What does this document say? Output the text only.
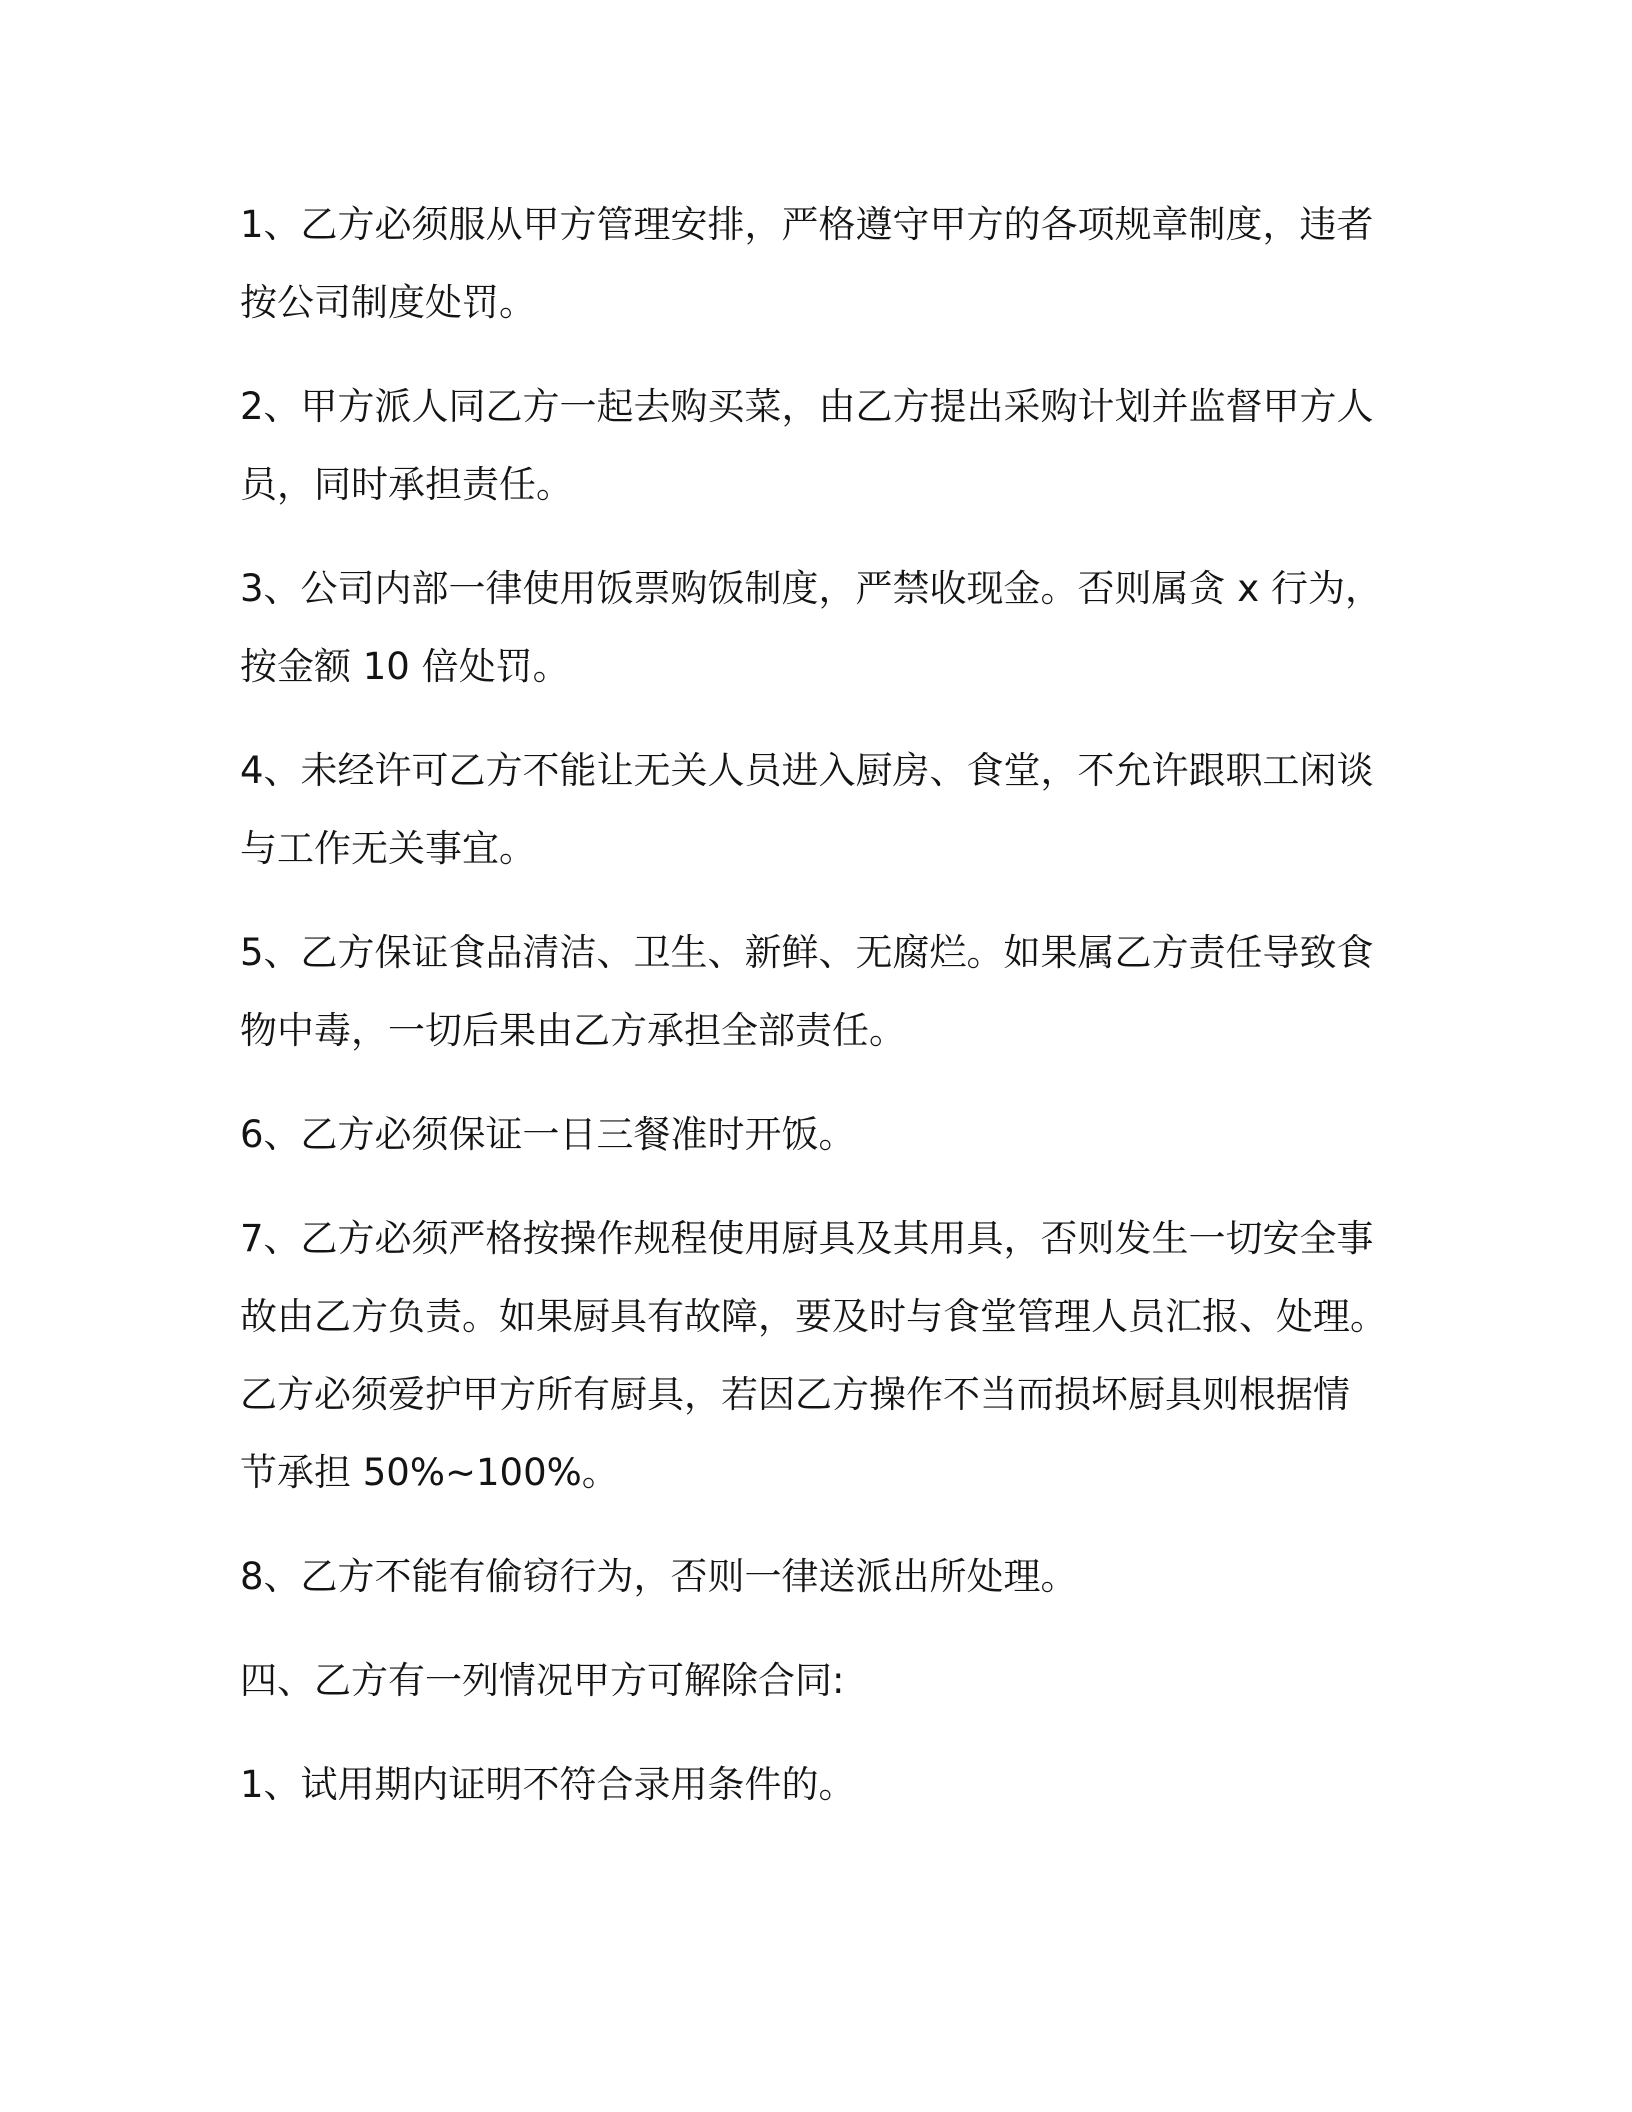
1、乙方必须服从甲方管理安排，严格遵守甲方的各项规章制度，违者
按公司制度处罚。

2、甲方派人同乙方一起去购买菜，由乙方提出采购计划并监督甲方人
员，同时承担责任。

3、公司内部一律使用饭票购饭制度，严禁收现金。否则属贪 x 行为，
按金额 10 倍处罚。

4、未经许可乙方不能让无关人员进入厨房、食堂，不允许跟职工闲谈
与工作无关事宜。

5、乙方保证食品清洁、卫生、新鲜、无腐烂。如果属乙方责任导致食
物中毒，一切后果由乙方承担全部责任。

6、乙方必须保证一日三餐准时开饭。

7、乙方必须严格按操作规程使用厨具及其用具，否则发生一切安全事
故由乙方负责。如果厨具有故障，要及时与食堂管理人员汇报、处理。
乙方必须爱护甲方所有厨具，若因乙方操作不当而损坏厨具则根据情
节承担 50%~100%。

8、乙方不能有偷窃行为，否则一律送派出所处理。

四、乙方有一列情况甲方可解除合同:

1、试用期内证明不符合录用条件的。
